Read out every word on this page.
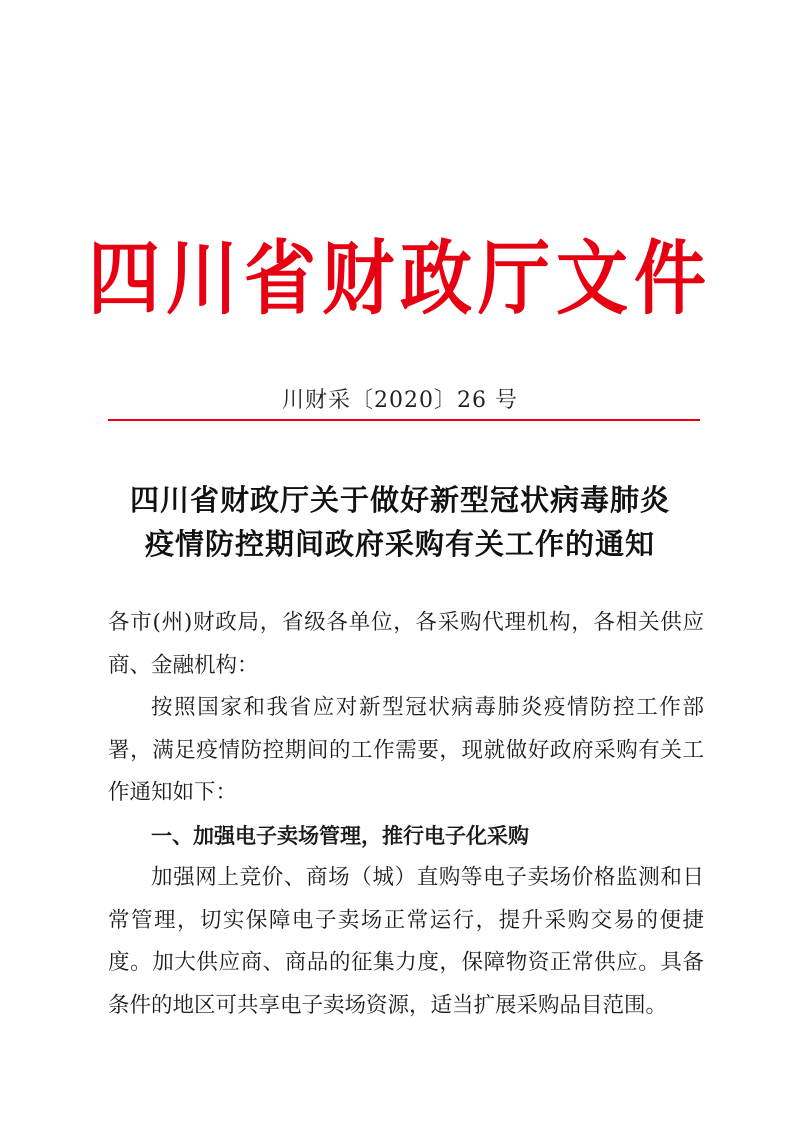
四川省财政厅文件
川财采〔2020〕26 号
四川省财政厅关于做好新型冠状病毒肺炎
疫情防控期间政府采购有关工作的通知

各市(州)财政局，省级各单位，各采购代理机构，各相关供应商、金融机构：

按照国家和我省应对新型冠状病毒肺炎疫情防控工作部署，满足疫情防控期间的工作需要，现就做好政府采购有关工作通知如下：

一、加强电子卖场管理，推行电子化采购

加强网上竞价、商场（城）直购等电子卖场价格监测和日常管理，切实保障电子卖场正常运行，提升采购交易的便捷度。加大供应商、商品的征集力度，保障物资正常供应。具备条件的地区可共享电子卖场资源，适当扩展采购品目范围。
